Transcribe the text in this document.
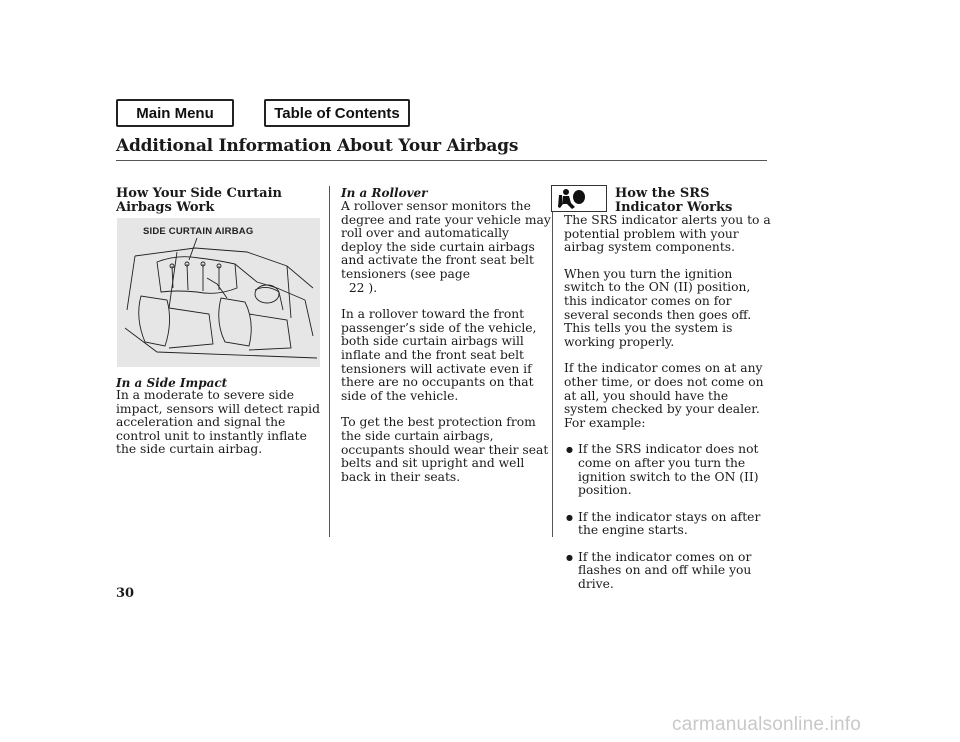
Main Menu	Table of Contents
Additional Information About Your Airbags
How Your Side Curtain Airbags Work
SIDE CURTAIN AIRBAG
In a Side Impact
In a moderate to severe side impact, sensors will detect rapid acceleration and signal the control unit to instantly inflate the side curtain airbag.
In a Rollover

A rollover sensor monitors the degree and rate your vehicle may roll over and automatically deploy the side curtain airbags and activate the front seat belt tensioners (see page
22 ).

In a rollover toward the front passenger’s side of the vehicle, both side curtain airbags will inflate and the front seat belt tensioners will activate even if there are no occupants on that side of the vehicle.

To get the best protection from the side curtain airbags, occupants should wear their seat belts and sit upright and well back in their seats.

How the SRS Indicator Works

The SRS indicator alerts you to a potential problem with your airbag system components.

When you turn the ignition switch to the ON (II) position, this indicator comes on for several seconds then goes off. This tells you the system is working properly.

If the indicator comes on at any other time, or does not come on at all, you should have the system checked by your dealer. For example:

● If the SRS indicator does not come on after you turn the ignition switch to the ON (II) position.
● If the indicator stays on after the engine starts.
● If the indicator comes on or flashes on and off while you drive.
30
carmanualsonline.info
